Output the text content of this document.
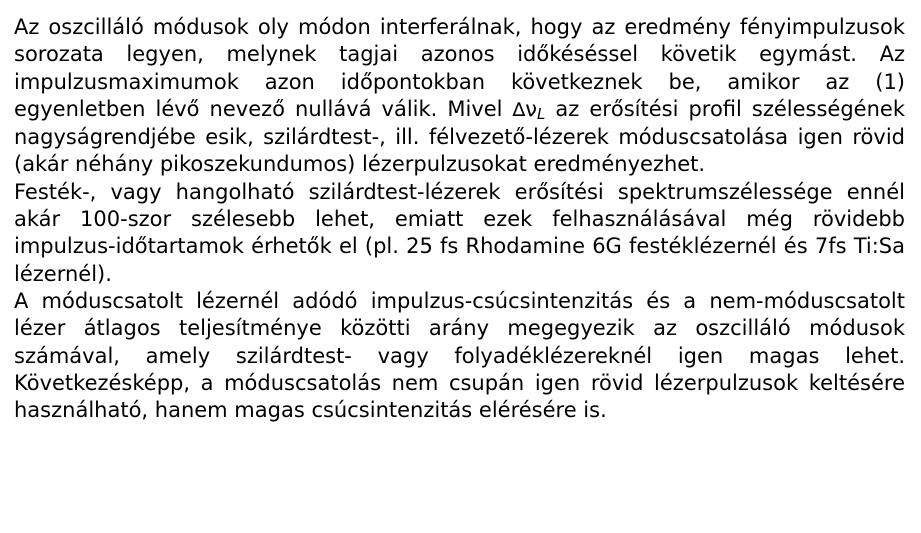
Az oszcilláló módusok oly módon interferálnak, hogy az eredmény fényimpulzusok sorozata legyen, melynek tagjai azonos időkéséssel követik egymást. Az impulzusmaximumok azon időpontokban következnek be, amikor az (1) egyenletben lévő nevező nullává válik. Mivel $\Delta\nu_L$ az erősítési profil szélességének nagyságrendjébe esik, szilárdtest-, ill. félvezető-lézerek móduscsatolása igen rövid (akár néhány pikoszekundumos) lézerpulzusokat eredményezhet.

Festék-, vagy hangolható szilárdtest-lézerek erősítési spektrumszélessége ennél akár 100-szor szélesebb lehet, emiatt ezek felhasználásával még rövidebb impulzus-időtartamok érhetők el (pl. 25 fs Rhodamine 6G festéklézernél és 7fs Ti:Sa lézernél).

A móduscsatolt lézernél adódó impulzus-csúcsintenzitás és a nem-móduscsatolt lézer átlagos teljesítménye közötti arány megegyezik az oszcilláló módusok számával, amely szilárdtest- vagy folyadéklézereknél igen magas lehet. Következésképp, a móduscsatolás nem csupán igen rövid lézerpulzusok keltésére használható, hanem magas csúcsintenzitás elérésére is.
